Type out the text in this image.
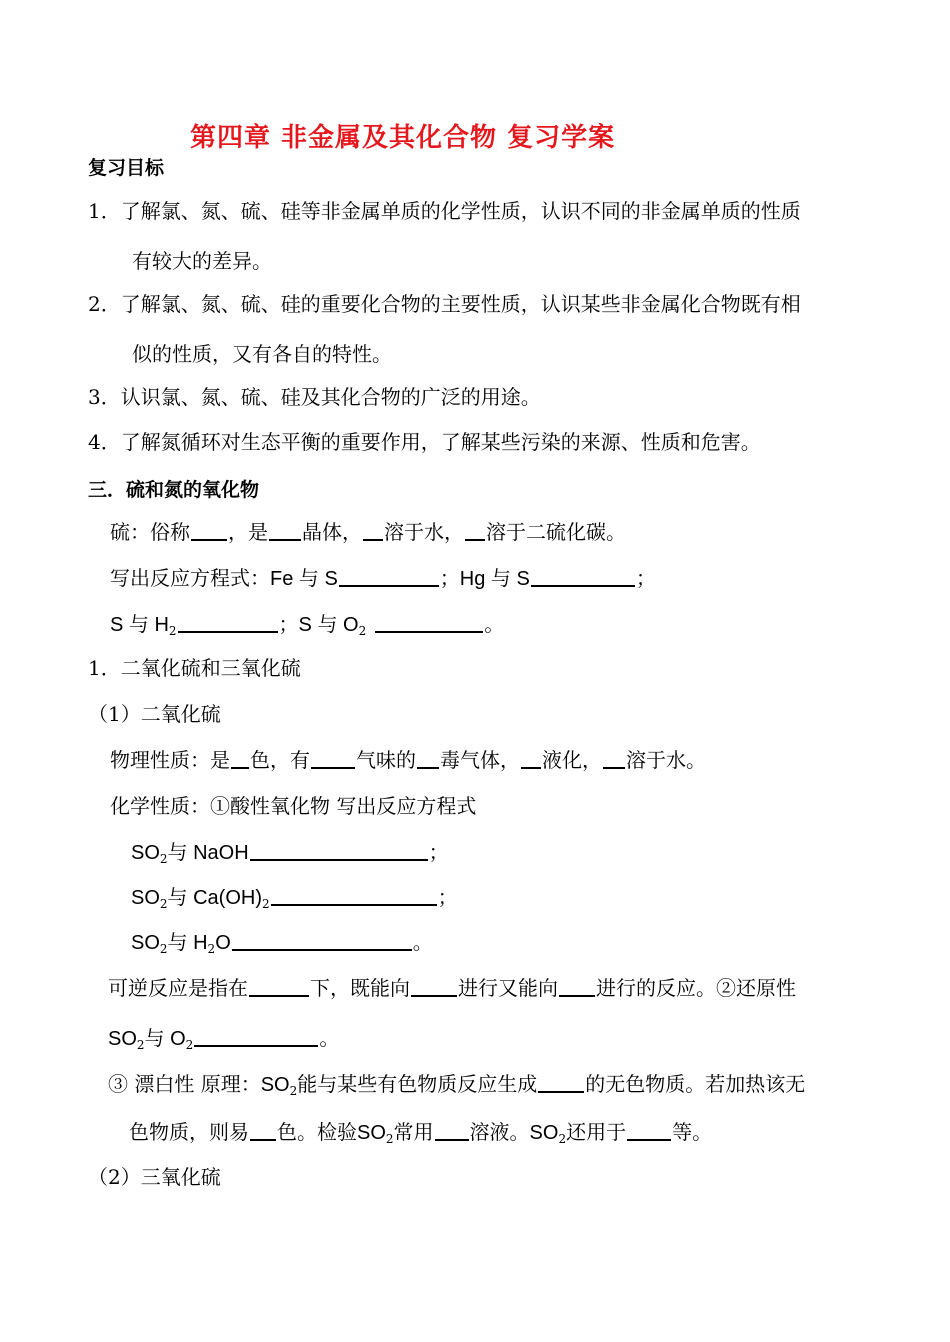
第四章 非金属及其化合物 复习学案
复习目标
1．了解氯、氮、硫、硅等非金属单质的化学性质，认识不同的非金属单质的性质
有较大的差异。
2．了解氯、氮、硫、硅的重要化合物的主要性质，认识某些非金属化合物既有相
似的性质，又有各自的特性。
3．认识氯、氮、硫、硅及其化合物的广泛的用途。
4．了解氮循环对生态平衡的重要作用，了解某些污染的来源、性质和危害。
三．硫和氮的氧化物
硫：俗称 ，是 晶体， 溶于水， 溶于二硫化碳。
写出反应方程式：Fe 与 S	；Hg 与 S	；
S 与 $H_2$	；S 与 $O_2$	。
1．二氧化硫和三氧化硫
（1）二氧化硫
物理性质：是 色，有 气味的 毒气体， 液化， 溶于水。
化学性质：①酸性氧化物 写出反应方程式
$SO_2$与 NaOH	；
$SO_2$与 $Ca(OH)_2$	；
$SO_2$与 $H_2O$	。
可逆反应是指在	下，既能向 进行又能向 进行的反应。②还原性
$SO_2$与 $O_2$	。
③ 漂白性 原理：$SO_2$能与某些有色物质反应生成 的无色物质。若加热该无
色物质，则易 色。检验$SO_2$常用 溶液。$SO_2$还用于 等。
（2）三氧化硫
